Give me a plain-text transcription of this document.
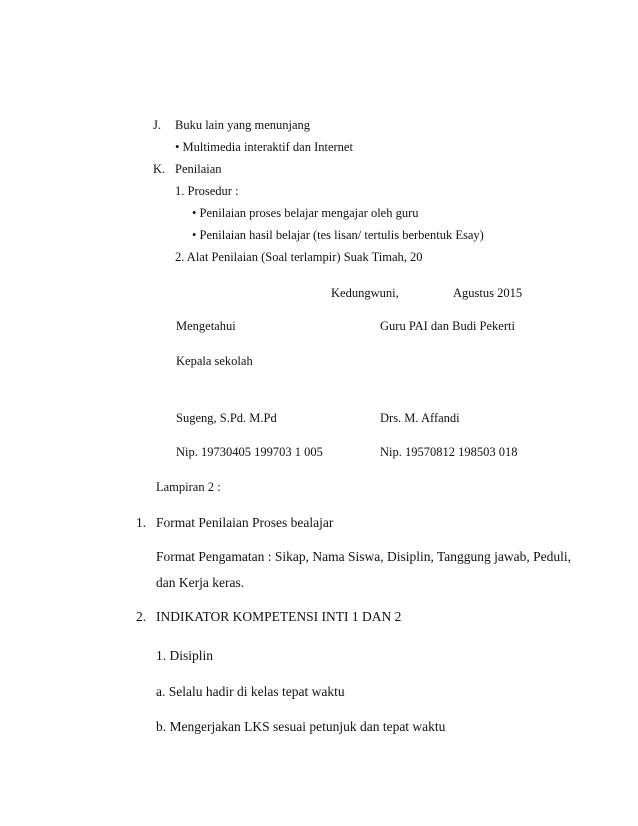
J. Buku lain yang menunjang
• Multimedia interaktif dan Internet
K. Penilaian
1. Prosedur :
• Penilaian proses belajar mengajar oleh guru
• Penilaian hasil belajar (tes lisan/ tertulis berbentuk Esay)
2. Alat Penilaian (Soal terlampir) Suak Timah, 20
Kedungwuni,	Agustus 2015
Mengetahui	Guru PAI dan Budi Pekerti
Kepala sekolah
Sugeng, S.Pd. M.Pd	Drs. M. Affandi
Nip. 19730405 199703 1 005	Nip. 19570812 198503 018
Lampiran 2 :
1. Format Penilaian Proses bealajar
Format Pengamatan : Sikap, Nama Siswa, Disiplin, Tanggung jawab, Peduli,
dan Kerja keras.
2. INDIKATOR KOMPETENSI INTI 1 DAN 2
1. Disiplin
a. Selalu hadir di kelas tepat waktu
b. Mengerjakan LKS sesuai petunjuk dan tepat waktu
